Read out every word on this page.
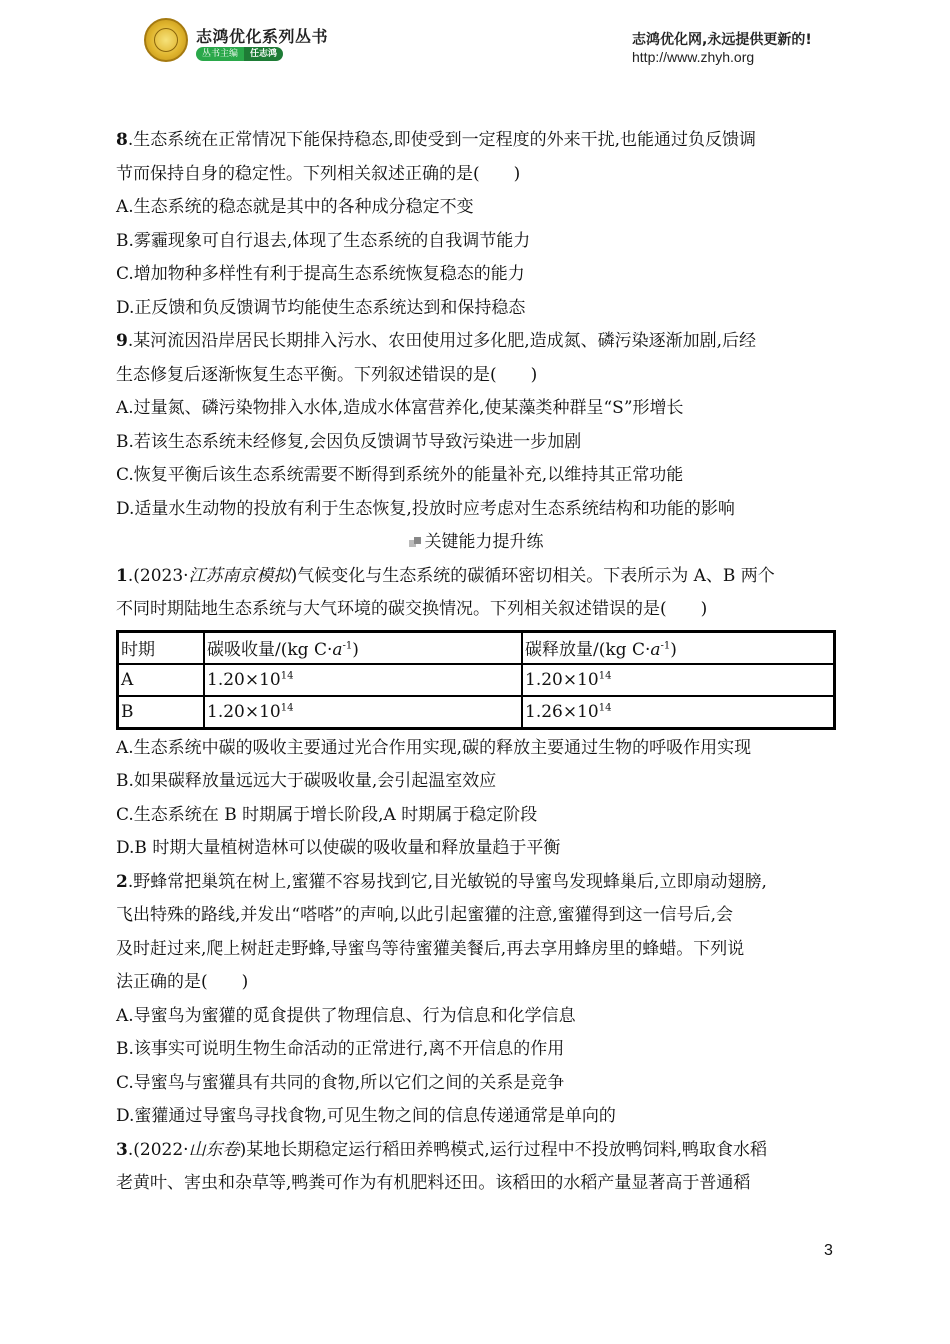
志鸿优化系列丛书
丛书主编	任志鸿
志鸿优化网,永远提供更新的!
http://www.zhyh.org
8.生态系统在正常情况下能保持稳态,即使受到一定程度的外来干扰,也能通过负反馈调
节而保持自身的稳定性。下列相关叙述正确的是(　　)
A.生态系统的稳态就是其中的各种成分稳定不变
B.雾霾现象可自行退去,体现了生态系统的自我调节能力
C.增加物种多样性有利于提高生态系统恢复稳态的能力
D.正反馈和负反馈调节均能使生态系统达到和保持稳态
9.某河流因沿岸居民长期排入污水、农田使用过多化肥,造成氮、磷污染逐渐加剧,后经
生态修复后逐渐恢复生态平衡。下列叙述错误的是(　　)
A.过量氮、磷污染物排入水体,造成水体富营养化,使某藻类种群呈“S”形增长
B.若该生态系统未经修复,会因负反馈调节导致污染进一步加剧
C.恢复平衡后该生态系统需要不断得到系统外的能量补充,以维持其正常功能
D.适量水生动物的投放有利于生态恢复,投放时应考虑对生态系统结构和功能的影响
关键能力提升练
1.(2023·江苏南京模拟)气候变化与生态系统的碳循环密切相关。下表所示为 A、B 两个
不同时期陆地生态系统与大气环境的碳交换情况。下列相关叙述错误的是(　　)
时期	碳吸收量/(kg $C\cdot a^{-1}$)	碳释放量/(kg $C\cdot a^{-1}$)
A	$1.20\times 10^{14}$	$1.20\times 10^{14}$
B	$1.20\times 10^{14}$	$1.26\times 10^{14}$
A.生态系统中碳的吸收主要通过光合作用实现,碳的释放主要通过生物的呼吸作用实现
B.如果碳释放量远远大于碳吸收量,会引起温室效应
C.生态系统在 B 时期属于增长阶段,A 时期属于稳定阶段
D.B 时期大量植树造林可以使碳的吸收量和释放量趋于平衡
2.野蜂常把巢筑在树上,蜜獾不容易找到它,目光敏锐的导蜜鸟发现蜂巢后,立即扇动翅膀,
飞出特殊的路线,并发出“嗒嗒”的声响,以此引起蜜獾的注意,蜜獾得到这一信号后,会
及时赶过来,爬上树赶走野蜂,导蜜鸟等待蜜獾美餐后,再去享用蜂房里的蜂蜡。下列说
法正确的是(　　)
A.导蜜鸟为蜜獾的觅食提供了物理信息、行为信息和化学信息
B.该事实可说明生物生命活动的正常进行,离不开信息的作用
C.导蜜鸟与蜜獾具有共同的食物,所以它们之间的关系是竞争
D.蜜獾通过导蜜鸟寻找食物,可见生物之间的信息传递通常是单向的
3.(2022·山东卷)某地长期稳定运行稻田养鸭模式,运行过程中不投放鸭饲料,鸭取食水稻
老黄叶、害虫和杂草等,鸭粪可作为有机肥料还田。该稻田的水稻产量显著高于普通稻
3
